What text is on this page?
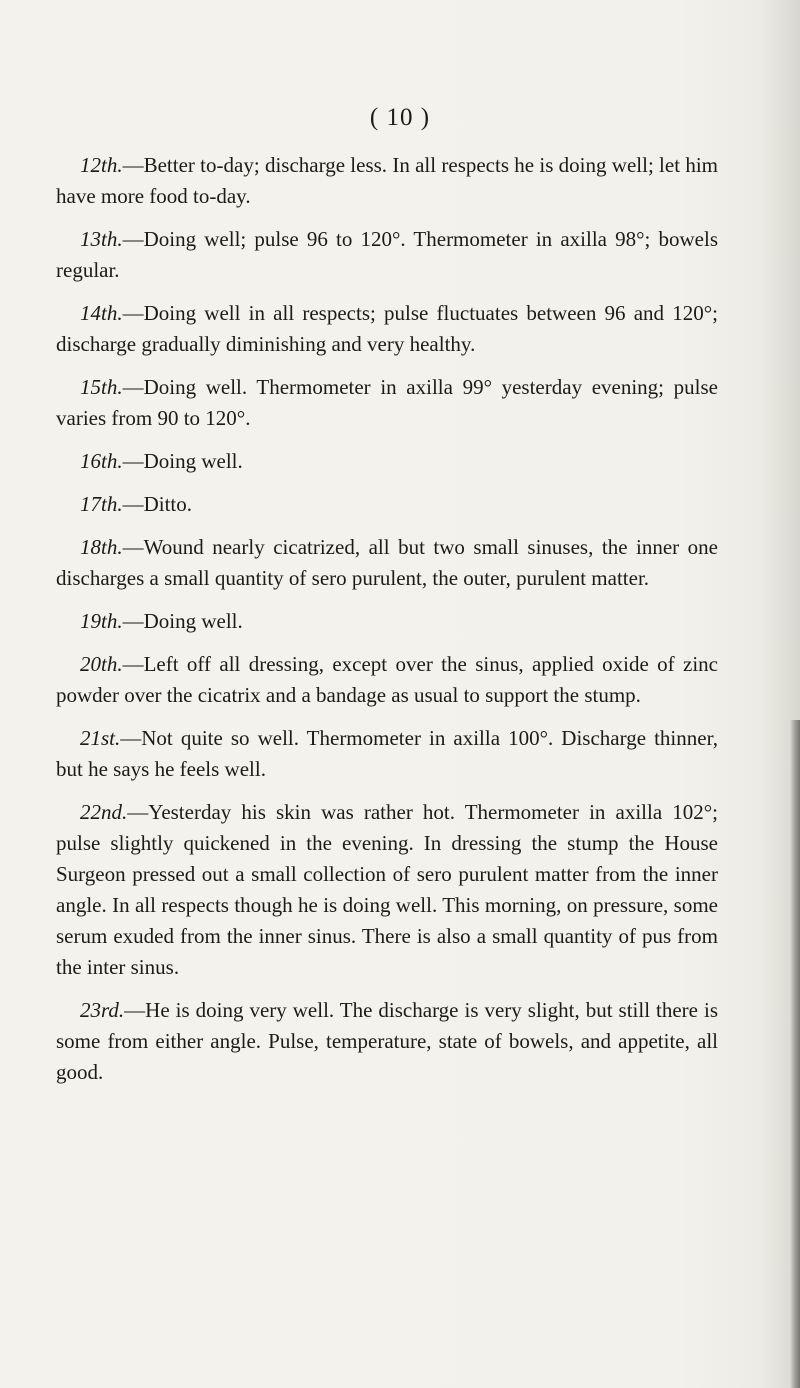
( 10 )

12th.—Better to-day; discharge less. In all respects he is doing well; let him have more food to-day.

13th.—Doing well; pulse 96 to 120°. Thermometer in axilla 98°; bowels regular.

14th.—Doing well in all respects; pulse fluctuates between 96 and 120°; discharge gradually diminishing and very healthy.

15th.—Doing well. Thermometer in axilla 99° yesterday evening; pulse varies from 90 to 120°.

16th.—Doing well.

17th.—Ditto.

18th.—Wound nearly cicatrized, all but two small sinuses, the inner one discharges a small quantity of sero purulent, the outer, purulent matter.

19th.—Doing well.

20th.—Left off all dressing, except over the sinus, applied oxide of zinc powder over the cicatrix and a bandage as usual to support the stump.

21st.—Not quite so well. Thermometer in axilla 100°. Discharge thinner, but he says he feels well.

22nd.—Yesterday his skin was rather hot. Thermometer in axilla 102°; pulse slightly quickened in the evening. In dressing the stump the House Surgeon pressed out a small collection of sero purulent matter from the inner angle. In all respects though he is doing well. This morning, on pressure, some serum exuded from the inner sinus. There is also a small quantity of pus from the inter sinus.

23rd.—He is doing very well. The discharge is very slight, but still there is some from either angle. Pulse, temperature, state of bowels, and appetite, all good.
